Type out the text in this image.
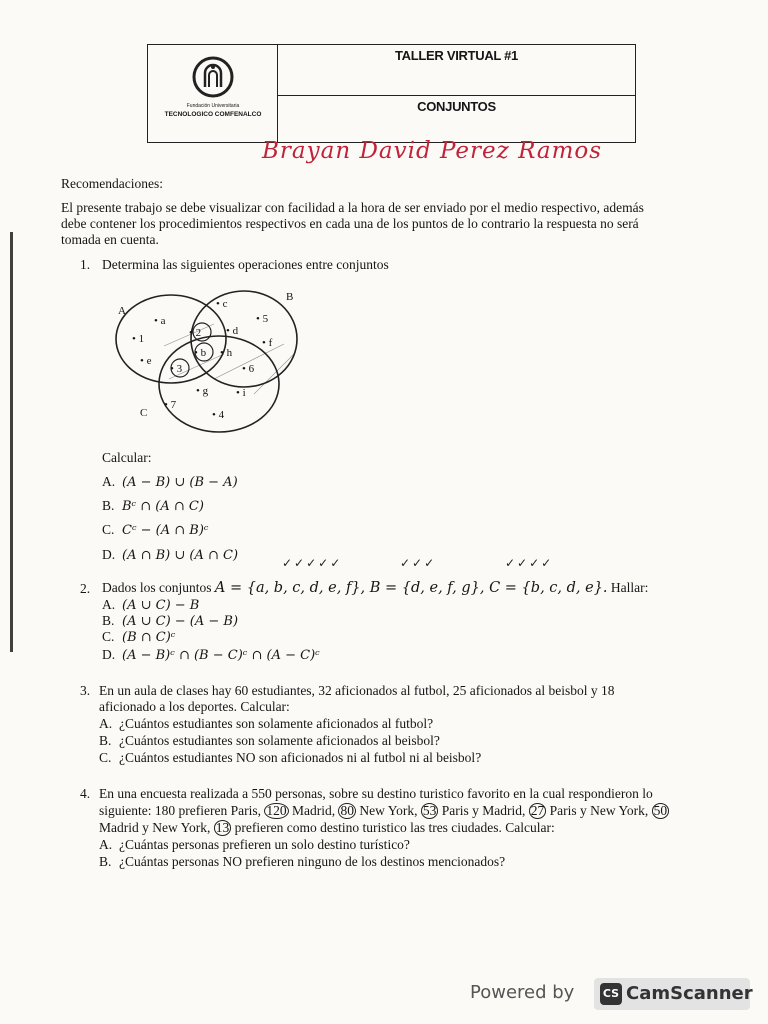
Fundación Universitaria
TECNOLOGICO COMFENALCO
TALLER VIRTUAL #1
CONJUNTOS
Brayan David Perez Ramos
Recomendaciones:
El presente trabajo se debe visualizar con facilidad a la hora de ser enviado por el medio respectivo, además
debe contener los procedimientos respectivos en cada una de los puntos de lo contrario la respuesta no será
tomada en cuenta.
1. Determina las siguientes operaciones entre conjuntos
A
B
C
• 1
• a
• e
• 2
• b
• 3
• c
• d
• 5
• f
• h
• 6
• g	• i
• 7
• 4
Calcular:
A. (A − B) ∪ (B − A)
B. Bᶜ ∩ (A ∩ C)
C. Cᶜ − (A ∩ B)ᶜ
D. (A ∩ B) ∪ (A ∩ C)	✓✓✓✓✓	✓✓✓	✓✓✓✓
2. Dados los conjuntos A = {a, b, c, d, e, f}, B = {d, e, f, g}, C = {b, c, d, e}. Hallar:
A. (A ∪ C) − B
B. (A ∪ C) − (A − B)
C. (B ∩ C)ᶜ
D. (A − B)ᶜ ∩ (B − C)ᶜ ∩ (A − C)ᶜ
3. En un aula de clases hay 60 estudiantes, 32 aficionados al futbol, 25 aficionados al beisbol y 18
aficionado a los deportes. Calcular:
A. ¿Cuántos estudiantes son solamente aficionados al futbol?
B. ¿Cuántos estudiantes son solamente aficionados al beisbol?
C. ¿Cuántos estudiantes NO son aficionados ni al futbol ni al beisbol?
4. En una encuesta realizada a 550 personas, sobre su destino turistico favorito en la cual respondieron lo
siguiente: 180 prefieren Paris, 120 Madrid, 80 New York, 53 Paris y Madrid, 27 Paris y New York, 50
Madrid y New York, 13 prefieren como destino turistico las tres ciudades. Calcular:
A. ¿Cuántas personas prefieren un solo destino turístico?
B. ¿Cuántas personas NO prefieren ninguno de los destinos mencionados?
Powered by	CS CamScanner
